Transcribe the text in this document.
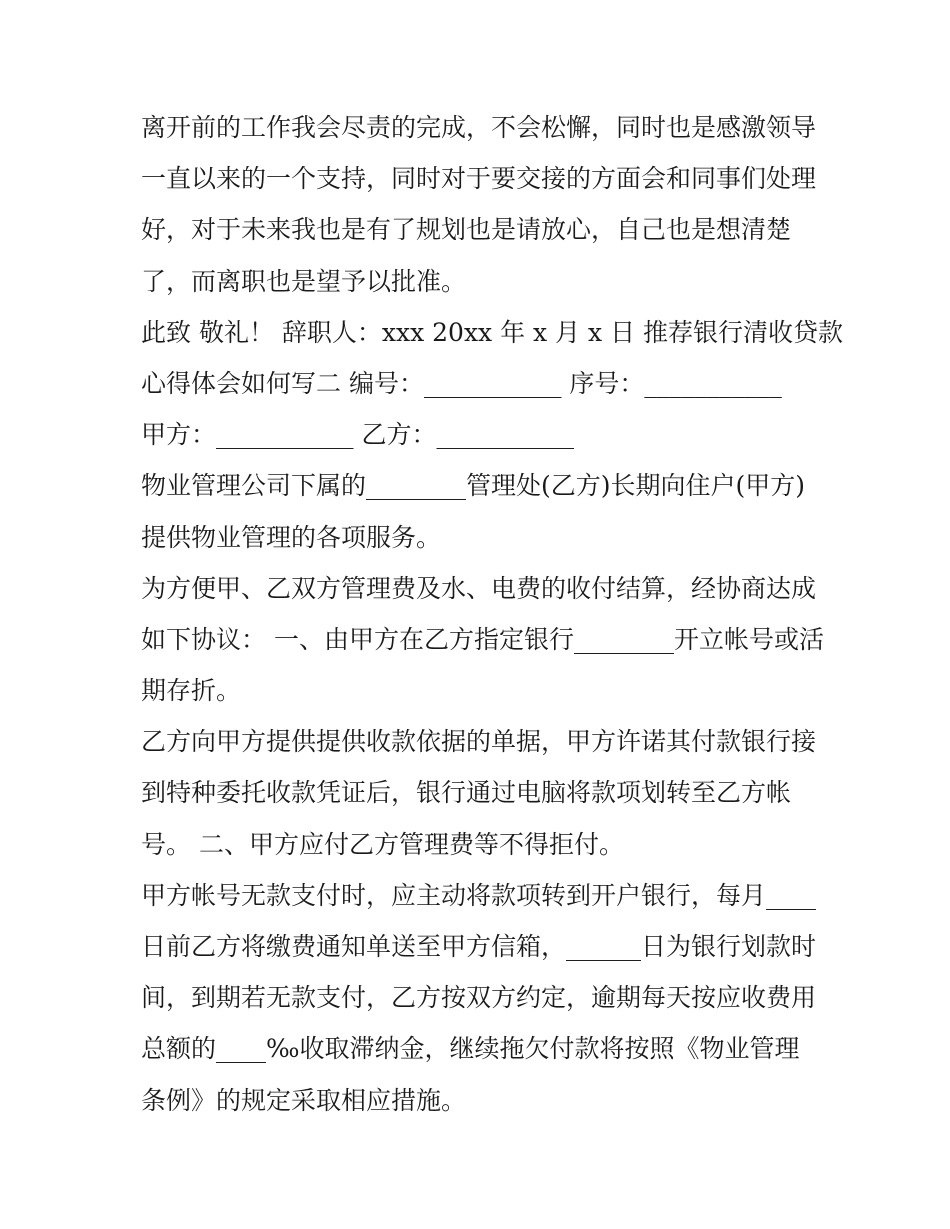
离开前的工作我会尽责的完成，不会松懈，同时也是感激领导
一直以来的一个支持，同时对于要交接的方面会和同事们处理
好，对于未来我也是有了规划也是请放心，自己也是想清楚
了，而离职也是望予以批准。
此致 敬礼！ 辞职人：xxx 20xx 年 x 月 x 日 推荐银行清收贷款
心得体会如何写二 编号：___________ 序号：___________
甲方：___________ 乙方：___________
物业管理公司下属的________管理处(乙方)长期向住户(甲方)
提供物业管理的各项服务。
为方便甲、乙双方管理费及水、电费的收付结算，经协商达成
如下协议： 一、由甲方在乙方指定银行________开立帐号或活
期存折。
乙方向甲方提供提供收款依据的单据，甲方许诺其付款银行接
到特种委托收款凭证后，银行通过电脑将款项划转至乙方帐
号。 二、甲方应付乙方管理费等不得拒付。
甲方帐号无款支付时，应主动将款项转到开户银行，每月____
日前乙方将缴费通知单送至甲方信箱，______日为银行划款时
间，到期若无款支付，乙方按双方约定，逾期每天按应收费用
总额的____‰收取滞纳金，继续拖欠付款将按照《物业管理
条例》的规定采取相应措施。
